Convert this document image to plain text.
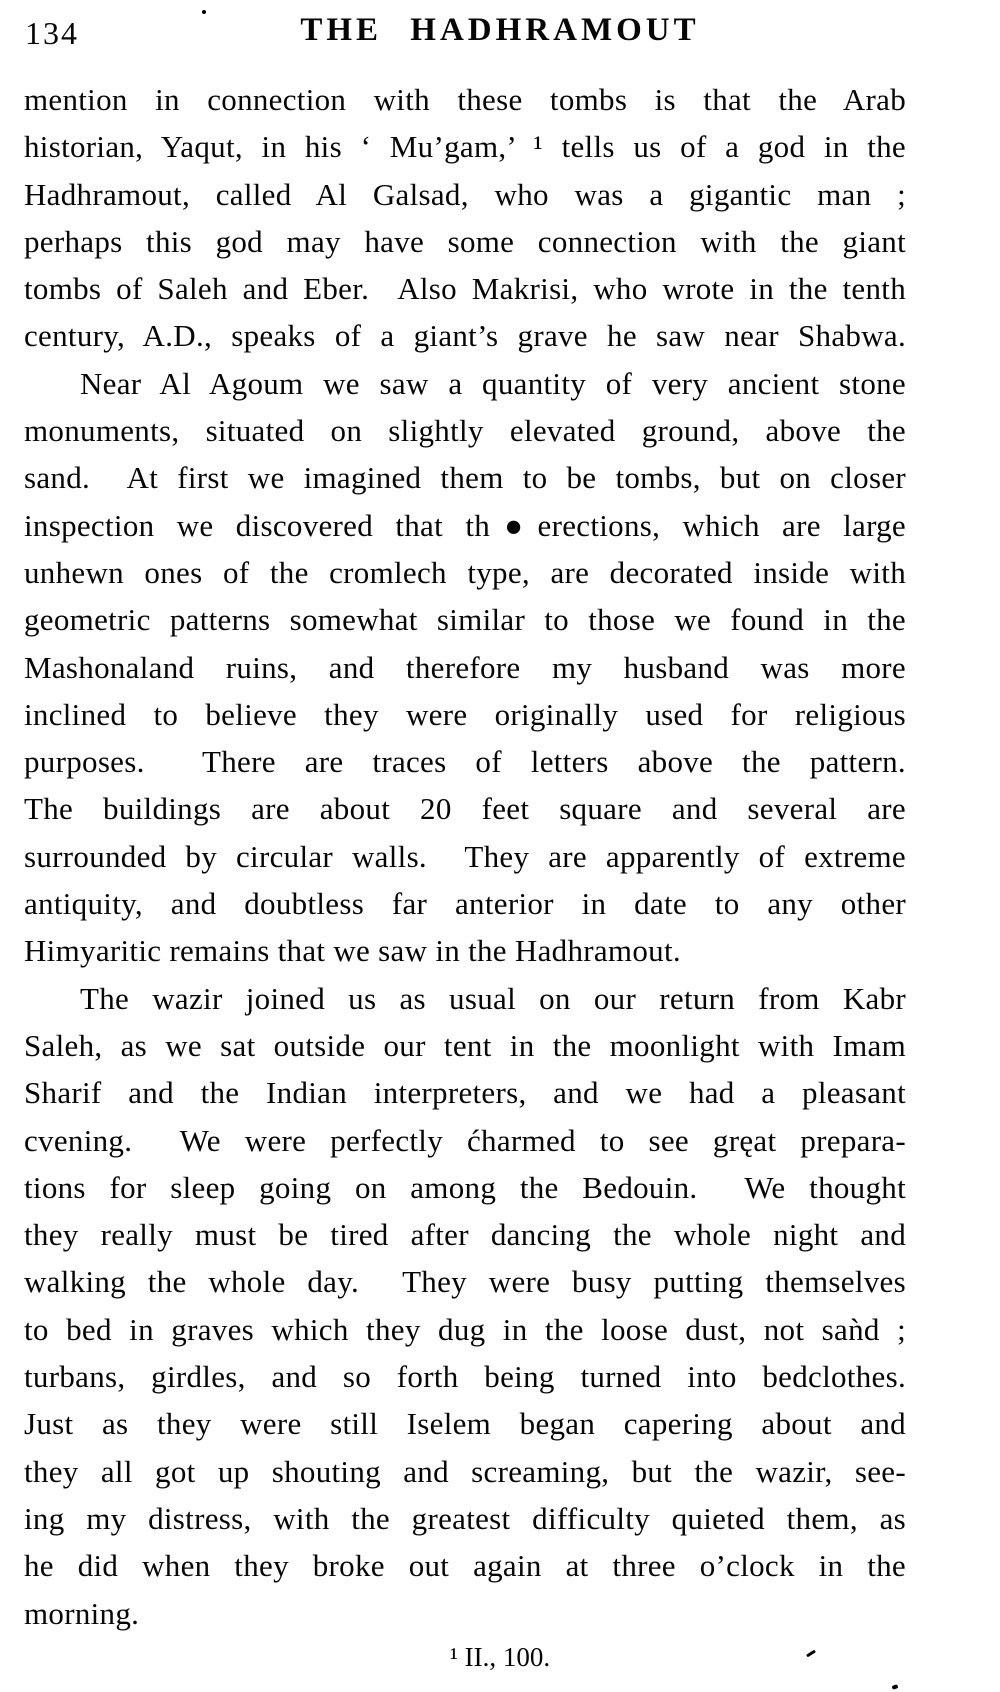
134	THE HADHRAMOUT
mention in connection with these tombs is that the Arab
historian, Yaqut, in his ‘ Mu’gam,’ ¹ tells us of a god in the
Hadhramout, called Al Galsad, who was a gigantic man ;
perhaps this god may have some connection with the giant
tombs of Saleh and Eber.  Also Makrisi, who wrote in the tenth
century, A.D., speaks of a giant’s grave he saw near Shabwa.
Near Al Agoum we saw a quantity of very ancient stone
monuments, situated on slightly elevated ground, above the
sand.  At first we imagined them to be tombs, but on closer
inspection we discovered that th●erections, which are large
unhewn ones of the cromlech type, are decorated inside with
geometric patterns somewhat similar to those we found in the
Mashonaland ruins, and therefore my husband was more
inclined to believe they were originally used for religious
purposes.  There are traces of letters above the pattern.
The buildings are about 20 feet square and several are
surrounded by circular walls.  They are apparently of extreme
antiquity, and doubtless far anterior in date to any other
Himyaritic remains that we saw in the Hadhramout.
The wazir joined us as usual on our return from Kabr
Saleh, as we sat outside our tent in the moonlight with Imam
Sharif and the Indian interpreters, and we had a pleasant
cvening.  We were perfectly ćharmed to see gręat prepara-
tions for sleep going on among the Bedouin.  We thought
they really must be tired after dancing the whole night and
walking the whole day.  They were busy putting themselves
to bed in graves which they dug in the loose dust, not saǹd ;
turbans, girdles, and so forth being turned into bedclothes.
Just as they were still Iselem began capering about and
they all got up shouting and screaming, but the wazir, see-
ing my distress, with the greatest difficulty quieted them, as
he did when they broke out again at three o’clock in the
morning.
¹ II., 100.
